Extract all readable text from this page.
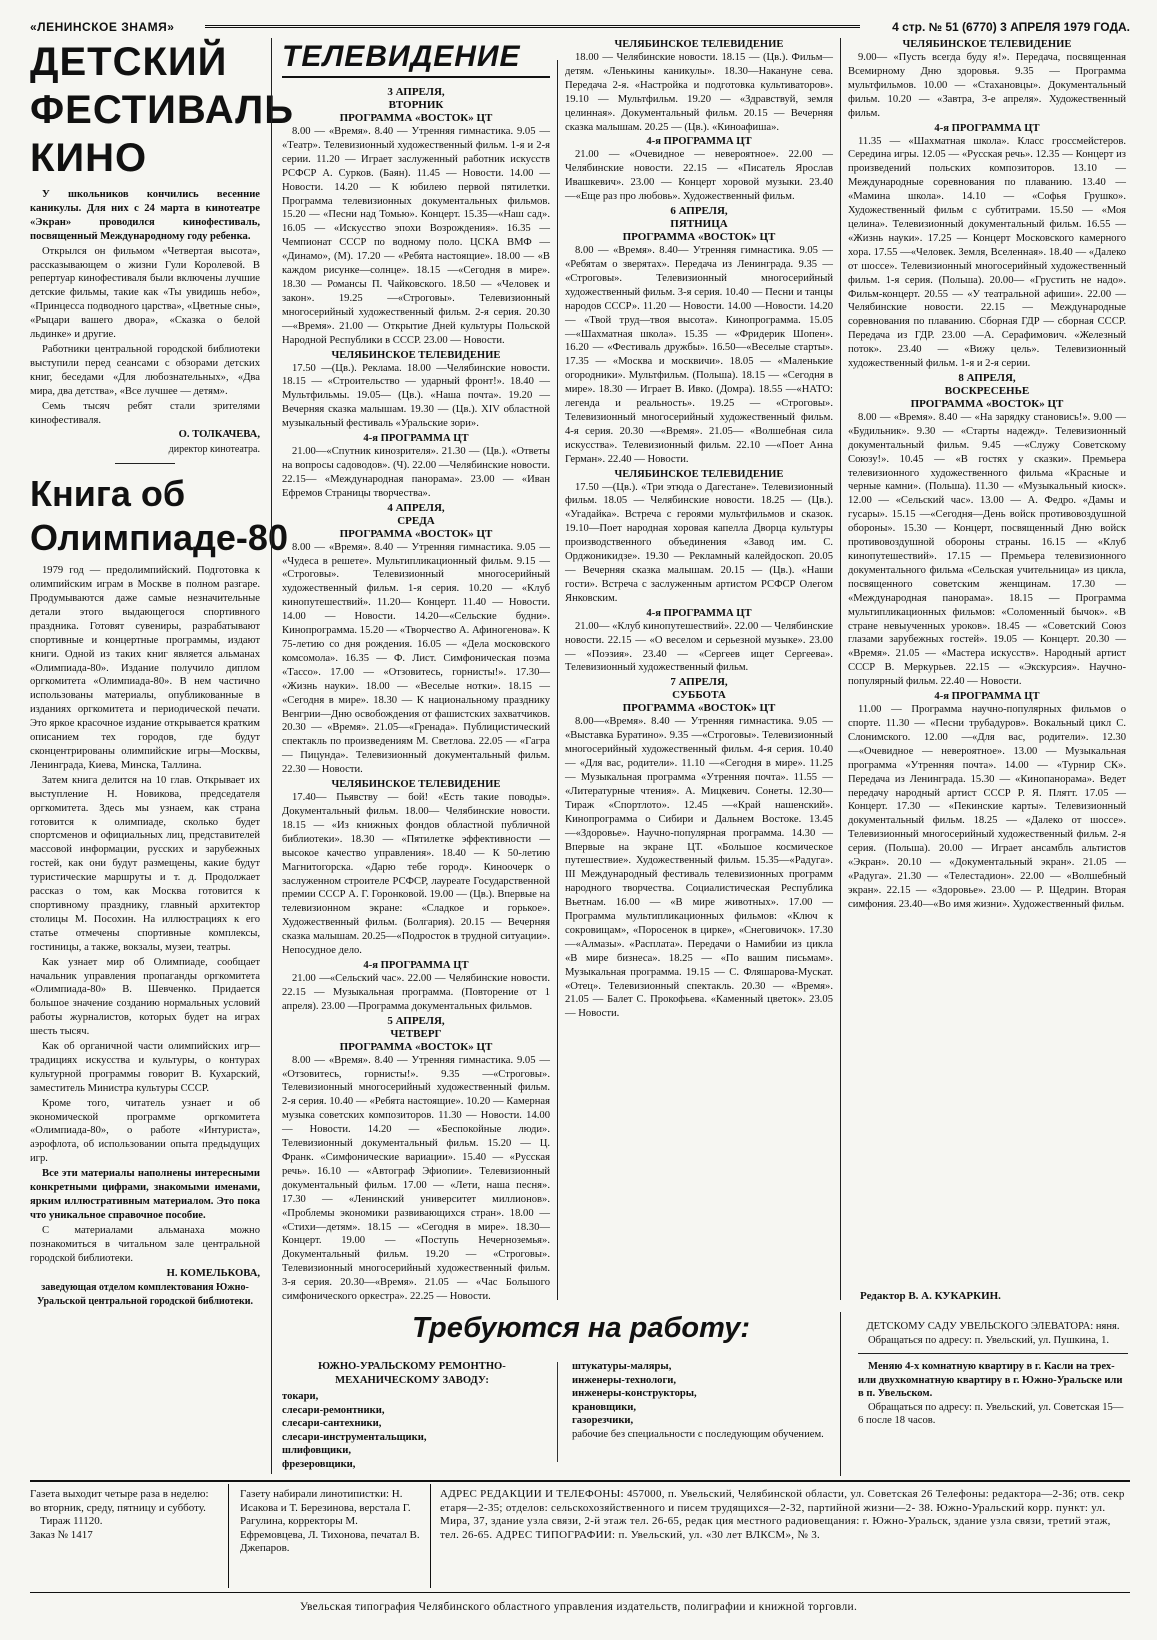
«ЛЕНИНСКОЕ ЗНАМЯ»	4 стр. № 51 (6770) 3 АПРЕЛЯ 1979 ГОДА.
ДЕТСКИЙ
ФЕСТИВАЛЬ
КИНО

У школьников кончились весенние каникулы. Для них с 24 марта в кинотеатре «Экран» проводился кинофестиваль, посвященный Международному году ребенка.

Открылся он фильмом «Четвертая высота», рассказывающем о жизни Гули Королевой. В репертуар кинофестиваля были включены лучшие детские фильмы, такие как «Ты увидишь небо», «Принцесса подводного царства», «Цветные сны», «Рыцари вашего двора», «Сказка о белой льдинке» и другие.

Работники центральной городской библиотеки выступили перед сеансами с обзорами детских книг, беседами «Для любознательных», «Два мира, два детства», «Все лучшее — детям».

Семь тысяч ребят стали зрителями кинофестиваля.

О. ТОЛКАЧЕВА,

директор кинотеатра.

Книга об
Олимпиаде-80

1979 год — предолимпийский. Подготовка к олимпийским играм в Москве в полном разгаре. Продумываются даже самые незначительные детали этого выдающегося спортивного праздника. Готовят сувениры, разрабатывают спортивные и концертные программы, издают книги. Одной из таких книг является альманах «Олимпиада-80». Издание получило диплом оргкомитета «Олимпиада-80». В нем частично использованы материалы, опубликованные в изданиях оргкомитета и периодической печати. Это яркое красочное издание открывается кратким описанием тех городов, где будут сконцентрированы олимпийские игры—Москвы, Ленинграда, Киева, Минска, Таллина.

Затем книга делится на 10 глав. Открывает их выступление Н. Новикова, председателя оргкомитета. Здесь мы узнаем, как страна готовится к олимпиаде, сколько будет спортсменов и официальных лиц, представителей массовой информации, русских и зарубежных гостей, как они будут размещены, какие будут туристические маршруты и т. д. Продолжает рассказ о том, как Москва готовится к спортивному празднику, главный архитектор столицы М. Посохин. На иллюстрациях к его статье отмечены спортивные комплексы, гостиницы, а также, вокзалы, музеи, театры.

Как узнает мир об Олимпиаде, сообщает начальник управления пропаганды оргкомитета «Олимпиада-80» В. Шевченко. Придается большое значение созданию нормальных условий работы журналистов, которых будет на играх шесть тысяч.

Как об органичной части олимпийских игр—традициях искусства и культуры, о контурах культурной программы говорит В. Кухарский, заместитель Министра культуры СССР.

Кроме того, читатель узнает и об экономической программе оргкомитета «Олимпиада-80», о работе «Интуриста», аэрофлота, об использовании опыта предыдущих игр.

Все эти материалы наполнены интересными конкретными цифрами, знакомыми именами, ярким иллюстративным материалом. Это пока что уникальное справочное пособие.

С материалами альманаха можно познакомиться в читальном зале центральной городской библиотеки.

Н. КОМЕЛЬКОВА,

заведующая отделом комплектования Южно-Уральской центральной городской библиотеки.

ТЕЛЕВИДЕНИЕ
3 АПРЕЛЯ,
ВТОРНИК
ПРОГРАММА «ВОСТОК» ЦТ

8.00 — «Время». 8.40 — Утренняя гимнастика. 9.05 — «Театр». Телевизионный художественный фильм. 1-я и 2-я серии. 11.20 — Играет заслуженный работник искусств РСФСР А. Сурков. (Баян). 11.45 — Новости. 14.00 — Новости. 14.20 — К юбилею первой пятилетки. Программа телевизионных документальных фильмов. 15.20 — «Песни над Томью». Концерт. 15.35—«Наш сад». 16.05 — «Искусство эпохи Возрождения». 16.35 — Чемпионат СССР по водному поло. ЦСКА ВМФ — «Динамо», (М). 17.20 — «Ребята настоящие». 18.00 — «В каждом рисунке—солнце». 18.15 —«Сегодня в мире». 18.30 — Романсы П. Чайковского. 18.50 — «Человек и закон». 19.25 —«Строговы». Телевизионный многосерийный художественный фильм. 2-я серия. 20.30 —«Время». 21.00 — Открытие Дней культуры Польской Народной Республики в СССР. 23.00 — Новости.

ЧЕЛЯБИНСКОЕ ТЕЛЕВИДЕНИЕ

17.50 —(Цв.). Реклама. 18.00 —Челябинские новости. 18.15 — «Строительство — ударный фронт!». 18.40 — Мультфильмы. 19.05— (Цв.). «Наша почта». 19.20 — Вечерняя сказка малышам. 19.30 — (Цв.). XIV областной музыкальный фестиваль «Уральские зори».

4-я ПРОГРАММА ЦТ

21.00—«Спутник кинозрителя». 21.30 — (Цв.). «Ответы на вопросы садоводов». (Ч). 22.00 —Челябинские новости. 22.15— «Международная панорама». 23.00 — «Иван Ефремов Страницы творчества».

4 АПРЕЛЯ,
СРЕДА
ПРОГРАММА «ВОСТОК» ЦТ

8.00 — «Время». 8.40 — Утренняя гимнастика. 9.05 — «Чудеса в решете». Мультипликационный фильм. 9.15 — «Строговы». Телевизионный многосерийный художественный фильм. 1-я серия. 10.20 — «Клуб кинопутешествий». 11.20— Концерт. 11.40 — Новости. 14.00 — Новости. 14.20—«Сельские будни». Кинопрограмма. 15.20 — «Творчество А. Афиногенова». К 75-летию со дня рождения. 16.05 — «Дела московского комсомола». 16.35 — Ф. Лист. Симфоническая поэма «Тассо». 17.00 — «Отзовитесь, горнисты!». 17.30— «Жизнь науки». 18.00 — «Веселые нотки». 18.15 — «Сегодня в мире». 18.30 — К национальному празднику Венгрии—Дню освобождения от фашистских захватчиков. 20.30 — «Время». 21.05—«Гренада». Публицистический спектакль по произведениям М. Светлова. 22.05 — «Гагра — Пицунда». Телевизионный документальный фильм. 22.30 — Новости.

ЧЕЛЯБИНСКОЕ ТЕЛЕВИДЕНИЕ

17.40— Пьявству — бой! «Есть такие поводы». Документальный фильм. 18.00— Челябинские новости. 18.15 — «Из книжных фондов областной публичной библиотеки». 18.30 — «Пятилетке эффективности — высокое качество управления». 18.40 — К 50-летию Магнитогорска. «Дарю тебе город». Киноочерк о заслуженном строителе РСФСР, лауреате Государственной премии СССР А. Г. Горонковой. 19.00 — (Цв.). Впервые на телевизионном экране: «Сладкое и горькое». Художественный фильм. (Болгария). 20.15 — Вечерняя сказка малышам. 20.25—«Подросток в трудной ситуации». Непосудное дело.

4-я ПРОГРАММА ЦТ

21.00 —«Сельский час». 22.00 — Челябинские новости. 22.15 — Музыкальная программа. (Повторение от 1 апреля). 23.00 —Программа документальных фильмов.

5 АПРЕЛЯ,
ЧЕТВЕРГ
ПРОГРАММА «ВОСТОК» ЦТ

8.00 — «Время». 8.40 — Утренняя гимнастика. 9.05 — «Отзовитесь, горнисты!». 9.35 —«Строговы». Телевизионный многосерийный художественный фильм. 2-я серия. 10.40 — «Ребята настоящие». 10.20 — Камерная музыка советских композиторов. 11.30 — Новости. 14.00 — Новости. 14.20 — «Беспокойные люди». Телевизионный документальный фильм. 15.20 — Ц. Франк. «Симфонические вариации». 15.40 — «Русская речь». 16.10 — «Автограф Эфиопии». Телевизионный документальный фильм. 17.00 — «Лети, наша песня». 17.30 — «Ленинский университет миллионов». «Проблемы экономики развивающихся стран». 18.00 — «Стихи—детям». 18.15 — «Сегодня в мире». 18.30— Концерт. 19.00 — «Поступь Нечерноземья». Документальный фильм. 19.20 — «Строговы». Телевизионный многосерийный художественный фильм. 3-я серия. 20.30—«Время». 21.05 — «Час Большого симфонического оркестра». 22.25 — Новости.

ЧЕЛЯБИНСКОЕ ТЕЛЕВИДЕНИЕ

18.00 — Челябинские новости. 18.15 — (Цв.). Фильм— детям. «Ленькины каникулы». 18.30—Накануне сева. Передача 2-я. «Настройка и подготовка культиваторов». 19.10 — Мультфильм. 19.20 — «Здравствуй, земля целинная». Документальный фильм. 20.15 — Вечерняя сказка малышам. 20.25 — (Цв.). «Киноафиша».

4-я ПРОГРАММА ЦТ

21.00 — «Очевидное — невероятное». 22.00 — Челябинские новости. 22.15 — «Писатель Ярослав Ивашкевич». 23.00 — Концерт хоровой музыки. 23.40 —«Еще раз про любовь». Художественный фильм.

6 АПРЕЛЯ,
ПЯТНИЦА
ПРОГРАММА «ВОСТОК» ЦТ

8.00 — «Время». 8.40— Утренняя гимнастика. 9.05 — «Ребятам о зверятах». Передача из Ленинграда. 9.35 — «Строговы». Телевизионный многосерийный художественный фильм. 3-я серия. 10.40 — Песни и танцы народов СССР». 11.20 — Новости. 14.00 —Новости. 14.20 — «Твой труд—твоя высота». Кинопрограмма. 15.05 —«Шахматная школа». 15.35 — «Фридерик Шопен». 16.20 — «Фестиваль дружбы». 16.50—«Веселые старты». 17.35 — «Москва и москвичи». 18.05 — «Маленькие огородники». Мультфильм. (Польша). 18.15 — «Сегодня в мире». 18.30 — Играет В. Ивко. (Домра). 18.55 —«НАТО: легенда и реальность». 19.25 — «Строговы». Телевизионный многосерийный художественный фильм. 4-я серия. 20.30 —«Время». 21.05— «Волшебная сила искусства». Телевизионный фильм. 22.10 —«Поет Анна Герман». 22.40 — Новости.

ЧЕЛЯБИНСКОЕ ТЕЛЕВИДЕНИЕ

17.50 —(Цв.). «Три этюда о Дагестане». Телевизионный фильм. 18.05 — Челябинские новости. 18.25 — (Цв.). «Угадайка». Встреча с героями мультфильмов и сказок. 19.10—Поет народная хоровая капелла Дворца культуры производственного объединения «Завод им. С. Орджоникидзе». 19.30 — Рекламный калейдоскоп. 20.05 — Вечерняя сказка малышам. 20.15 — (Цв.). «Наши гости». Встреча с заслуженным артистом РСФСР Олегом Янковским.

4-я ПРОГРАММА ЦТ

21.00— «Клуб кинопутешествий». 22.00 — Челябинские новости. 22.15 — «О веселом и серьезной музыке». 23.00 — «Поэзия». 23.40 — «Сергеев ищет Сергеева». Телевизионный художественный фильм.

7 АПРЕЛЯ,
СУББОТА
ПРОГРАММА «ВОСТОК» ЦТ

8.00—«Время». 8.40 — Утренняя гимнастика. 9.05 — «Выставка Буратино». 9.35 —«Строговы». Телевизионный многосерийный художественный фильм. 4-я серия. 10.40— «Для вас, родители». 11.10 —«Сегодня в мире». 11.25 — Музыкальная программа «Утренняя почта». 11.55 — «Литературные чтения». А. Мицкевич. Сонеты. 12.30—Тираж «Спортлото». 12.45 —«Край нашенский». Кинопрограмма о Сибири и Дальнем Востоке. 13.45 —«Здоровье». Научно-популярная программа. 14.30 —Впервые на экране ЦТ. «Большое космическое путешествие». Художественный фильм. 15.35—«Радуга». III Международный фестиваль телевизионных программ народного творчества. Социалистическая Республика Вьетнам. 16.00 — «В мире животных». 17.00 — Программа мультипликационных фильмов: «Ключ к сокровищам», «Поросенок в цирке», «Снеговичок». 17.30 —«Алмазы». «Расплата». Передачи о Намибии из цикла «В мире бизнеса». 18.25 — «По вашим письмам». Музыкальная программа. 19.15 — С. Фляшарова-Мускат. «Отец». Телевизионный спектакль. 20.30 — «Время». 21.05 — Балет С. Прокофьева. «Каменный цветок». 23.05 — Новости.

ЧЕЛЯБИНСКОЕ ТЕЛЕВИДЕНИЕ

9.00— «Пусть всегда буду я!». Передача, посвященная Всемирному Дню здоровья. 9.35 — Программа мультфильмов. 10.00 — «Стахановцы». Документальный фильм. 10.20 — «Завтра, 3-е апреля». Художественный фильм.

4-я ПРОГРАММА ЦТ

11.35 — «Шахматная школа». Класс гроссмейстеров. Середина игры. 12.05 — «Русская речь». 12.35 — Концерт из произведений польских композиторов. 13.10 — Международные соревнования по плаванию. 13.40 — «Мамина школа». 14.10 — «Софья Грушко». Художественный фильм с субтитрами. 15.50 — «Моя целина». Телевизионный документальный фильм. 16.55 — «Жизнь науки». 17.25 — Концерт Московского камерного хора. 17.55 —«Человек. Земля, Вселенная». 18.40 — «Далеко от шоссе». Телевизионный многосерийный художественный фильм. 1-я серия. (Польша). 20.00— «Грустить не надо». Фильм-концерт. 20.55 — «У театральной афиши». 22.00 — Челябинские новости. 22.15 — Международные соревнования по плаванию. Сборная ГДР — сборная СССР. Передача из ГДР. 23.00 —А. Серафимович. «Железный поток». 23.40 — «Вижу цель». Телевизионный художественный фильм. 1-я и 2-я серии.

8 АПРЕЛЯ,
ВОСКРЕСЕНЬЕ
ПРОГРАММА «ВОСТОК» ЦТ

8.00 — «Время». 8.40 — «На зарядку становись!». 9.00 — «Будильник». 9.30 — «Старты надежд». Телевизионный документальный фильм. 9.45 —«Служу Советскому Союзу!». 10.45 — «В гостях у сказки». Премьера телевизионного художественного фильма «Красные и черные камни». (Польша). 11.30 — «Музыкальный киоск». 12.00 — «Сельский час». 13.00 — А. Федро. «Дамы и гусары». 15.15 —«Сегодня—День войск противовоздушной обороны». 15.30 — Концерт, посвященный Дню войск противовоздушной обороны страны. 16.15 — «Клуб кинопутешествий». 17.15 — Премьера телевизионного документального фильма «Сельская учительница» из цикла, посвященного советским женщинам. 17.30 — «Международная панорама». 18.15 — Программа мультипликационных фильмов: «Соломенный бычок». «В стране невыученных уроков». 18.45 — «Советский Союз глазами зарубежных гостей». 19.05 — Концерт. 20.30 — «Время». 21.05 — «Мастера искусств». Народный артист СССР В. Меркурьев. 22.15 — «Экскурсия». Научно-популярный фильм. 22.40 — Новости.

4-я ПРОГРАММА ЦТ

11.00 — Программа научно-популярных фильмов о спорте. 11.30 — «Песни трубадуров». Вокальный цикл С. Слонимского. 12.00 —«Для вас, родители». 12.30 —«Очевидное — невероятное». 13.00 — Музыкальная программа «Утренняя почта». 14.00 — «Турнир СК». Передача из Ленинграда. 15.30 — «Кинопанорама». Ведет передачу народный артист СССР Р. Я. Плятт. 17.05 — Концерт. 17.30 — «Пекинские карты». Телевизионный документальный фильм. 18.25 — «Далеко от шоссе». Телевизионный многосерийный художественный фильм. 2-я серия. (Польша). 20.00 — Играет ансамбль альтистов «Экран». 20.10 — «Документальный экран». 21.05 — «Радуга». 21.30 — «Телестадион». 22.00 — «Волшебный экран». 22.15 — «Здоровье». 23.00 — Р. Щедрин. Вторая симфония. 23.40—«Во имя жизни». Художественный фильм.

Редактор В. А. КУКАРКИН.
Требуются на работу:
ЮЖНО-УРАЛЬСКОМУ РЕМОНТНО-МЕХАНИЧЕСКОМУ ЗАВОДУ:
токари,
слесари-ремонтники,
слесари-сантехники,
слесари-инструментальщики,
шлифовщики,
фрезеровщики,
штукатуры-маляры,
инженеры-технологи,
инженеры-конструкторы,
крановщики,
газорезчики,
рабочие без специальности с последующим обучением.
ДЕТСКОМУ САДУ УВЕЛЬСКОГО ЭЛЕВАТОРА: няня.

Обращаться по адресу: п. Увельский, ул. Пушкина, 1.

Меняю 4-х комнатную квартиру в г. Касли на трех- или двухкомнатную квартиру в г. Южно-Уральске или в п. Увельском.

Обращаться по адресу: п. Увельский, ул. Советская 15—6 после 18 часов.

Газета выходит четыре раза в неделю: во вторник, среду, пятницу и субботу.
Тираж 11120.
Заказ № 1417
Газету набирали линотипистки: Н. Исакова и Т. Березинова, верстала Г. Рагулина, корректоры М. Ефремовцева, Л. Тихонова, печатал В. Джепаров.
АДРЕС РЕДАКЦИИ И ТЕЛЕФОНЫ: 457000, п. Увельский, Челябинской области, ул. Советская 26 Телефоны: редактора—2-36; отв. секр етаря—2-35; отделов: сельскохозяйственного и писем трудящихся—2-32, партийной жизни—2- 38. Южно-Уральский корр. пункт: ул. Мира, 37, здание узла связи, 2-й этаж тел. 26-65, редак ция местного радиовещания: г. Южно-Уральск, здание узла связи, третий этаж, тел. 26-65. АДРЕС ТИПОГРАФИИ: п. Увельский, ул. «30 лет ВЛКСМ», № 3.
Увельская типография Челябинского областного управления издательств, полиграфии и книжной торговли.
